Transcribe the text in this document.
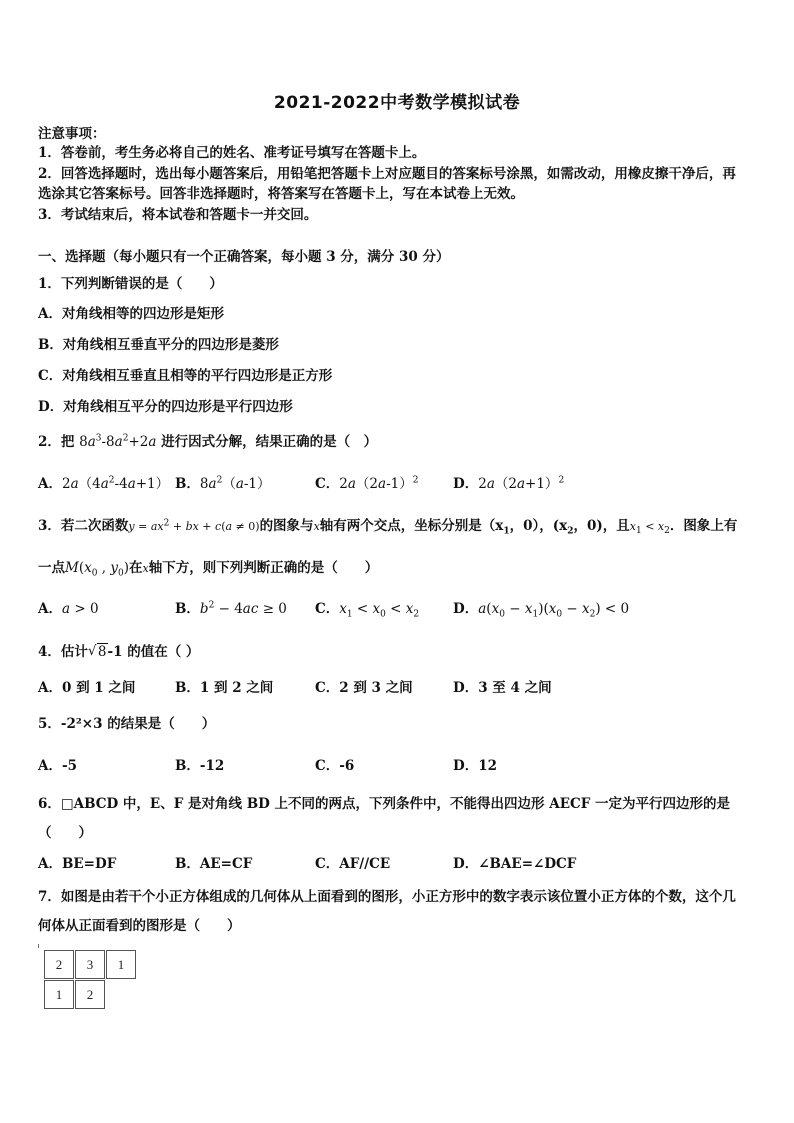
2021-2022中考数学模拟试卷
注意事项：
1．答卷前，考生务必将自己的姓名、准考证号填写在答题卡上。
2．回答选择题时，选出每小题答案后，用铅笔把答题卡上对应题目的答案标号涂黑，如需改动，用橡皮擦干净后，再
选涂其它答案标号。回答非选择题时，将答案写在答题卡上，写在本试卷上无效。
3．考试结束后，将本试卷和答题卡一并交回。
一、选择题（每小题只有一个正确答案，每小题 3 分，满分 30 分）
1．下列判断错误的是（　　）
A．对角线相等的四边形是矩形
B．对角线相互垂直平分的四边形是菱形
C．对角线相互垂直且相等的平行四边形是正方形
D．对角线相互平分的四边形是平行四边形
2．把 $8a^3-8a^2+2a$ 进行因式分解，结果正确的是（　）
A．$2a(4a^2-4a+1)$ B．$8a^2(a-1)$	C．$2a(2a-1)^2$	D．$2a(2a+1)^2$
3．若二次函数$y = ax^2$ + bx + c(a ≠ 0)的图象与x轴有两个交点，坐标分别是（$x_1$，0），($x_2$，0)，且$x_1 < x_2$．图象上有
一点$M(x_0$ , $y_0$)在x轴下方，则下列判断正确的是（　　）
A．a > 0	B．$b^2 - 4ac \ge 0$ C．$x_1 < x_0 < x_2$	D．$a(x_0 - x_1)(x_0 - x_2) < 0$
4．估计 √ 8-1 的值在（ ）
A．0 到 1 之间	B．1 到 2 之间	C．2 到 3 之间	D．3 至 4 之间
5．-2²×3 的结果是（　　）
A．-5	B．-12	C．-6	D．12
6．□ABCD 中，E、F 是对角线 BD 上不同的两点，下列条件中，不能得出四边形 AECF 一定为平行四边形的是
（　　）
A．BE=DF	B．AE=CF	C．AF//CE	D．∠BAE=∠DCF
7．如图是由若干个小正方体组成的几何体从上面看到的图形，小正方形中的数字表示该位置小正方体的个数，这个几
何体从正面看到的图形是（　　）
2	3	1
1	2
